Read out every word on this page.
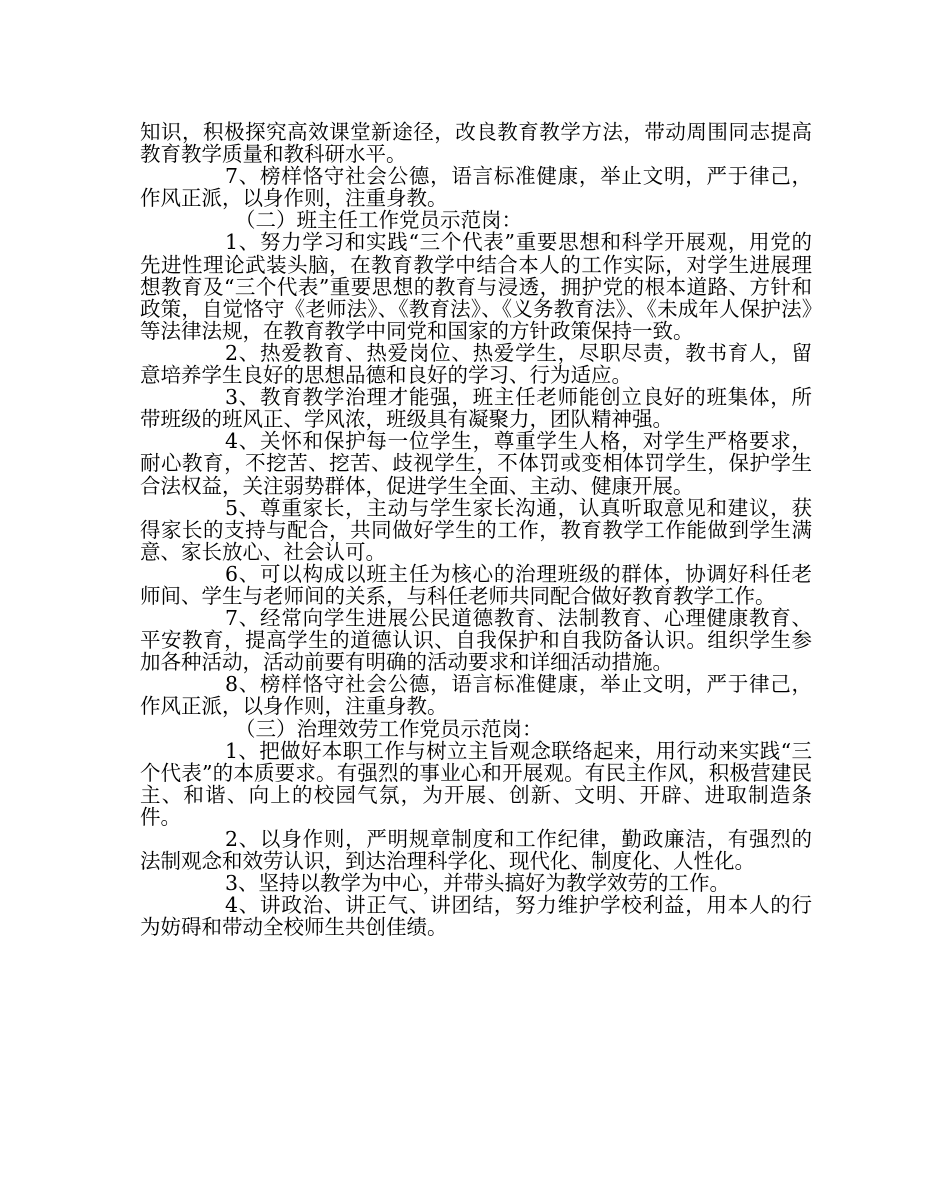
知识，积极探究高效课堂新途径，改良教育教学方法，带动周围同志提高教育教学质量和教科研水平。

7、榜样恪守社会公德，语言标准健康，举止文明，严于律己，作风正派，以身作则，注重身教。

（二）班主任工作党员示范岗：

1、努力学习和实践“三个代表”重要思想和科学开展观，用党的先进性理论武装头脑，在教育教学中结合本人的工作实际，对学生进展理想教育及“三个代表”重要思想的教育与浸透，拥护党的根本道路、方针和政策，自觉恪守《老师法》、《教育法》、《义务教育法》、《未成年人保护法》等法律法规，在教育教学中同党和国家的方针政策保持一致。

2、热爱教育、热爱岗位、热爱学生，尽职尽责，教书育人，留意培养学生良好的思想品德和良好的学习、行为适应。

3、教育教学治理才能强，班主任老师能创立良好的班集体，所带班级的班风正、学风浓，班级具有凝聚力，团队精神强。

4、关怀和保护每一位学生，尊重学生人格，对学生严格要求，耐心教育，不挖苦、挖苦、歧视学生，不体罚或变相体罚学生，保护学生合法权益，关注弱势群体，促进学生全面、主动、健康开展。

5、尊重家长，主动与学生家长沟通，认真听取意见和建议，获得家长的支持与配合，共同做好学生的工作，教育教学工作能做到学生满意、家长放心、社会认可。

6、可以构成以班主任为核心的治理班级的群体，协调好科任老师间、学生与老师间的关系，与科任老师共同配合做好教育教学工作。

7、经常向学生进展公民道德教育、法制教育、心理健康教育、平安教育，提高学生的道德认识、自我保护和自我防备认识。组织学生参加各种活动，活动前要有明确的活动要求和详细活动措施。

8、榜样恪守社会公德，语言标准健康，举止文明，严于律己，作风正派，以身作则，注重身教。

（三）治理效劳工作党员示范岗：

1、把做好本职工作与树立主旨观念联络起来，用行动来实践“三个代表”的本质要求。有强烈的事业心和开展观。有民主作风，积极营建民主、和谐、向上的校园气氛，为开展、创新、文明、开辟、进取制造条件。

2、以身作则，严明规章制度和工作纪律，勤政廉洁，有强烈的法制观念和效劳认识，到达治理科学化、现代化、制度化、人性化。

3、坚持以教学为中心，并带头搞好为教学效劳的工作。

4、讲政治、讲正气、讲团结，努力维护学校利益，用本人的行为妨碍和带动全校师生共创佳绩。
